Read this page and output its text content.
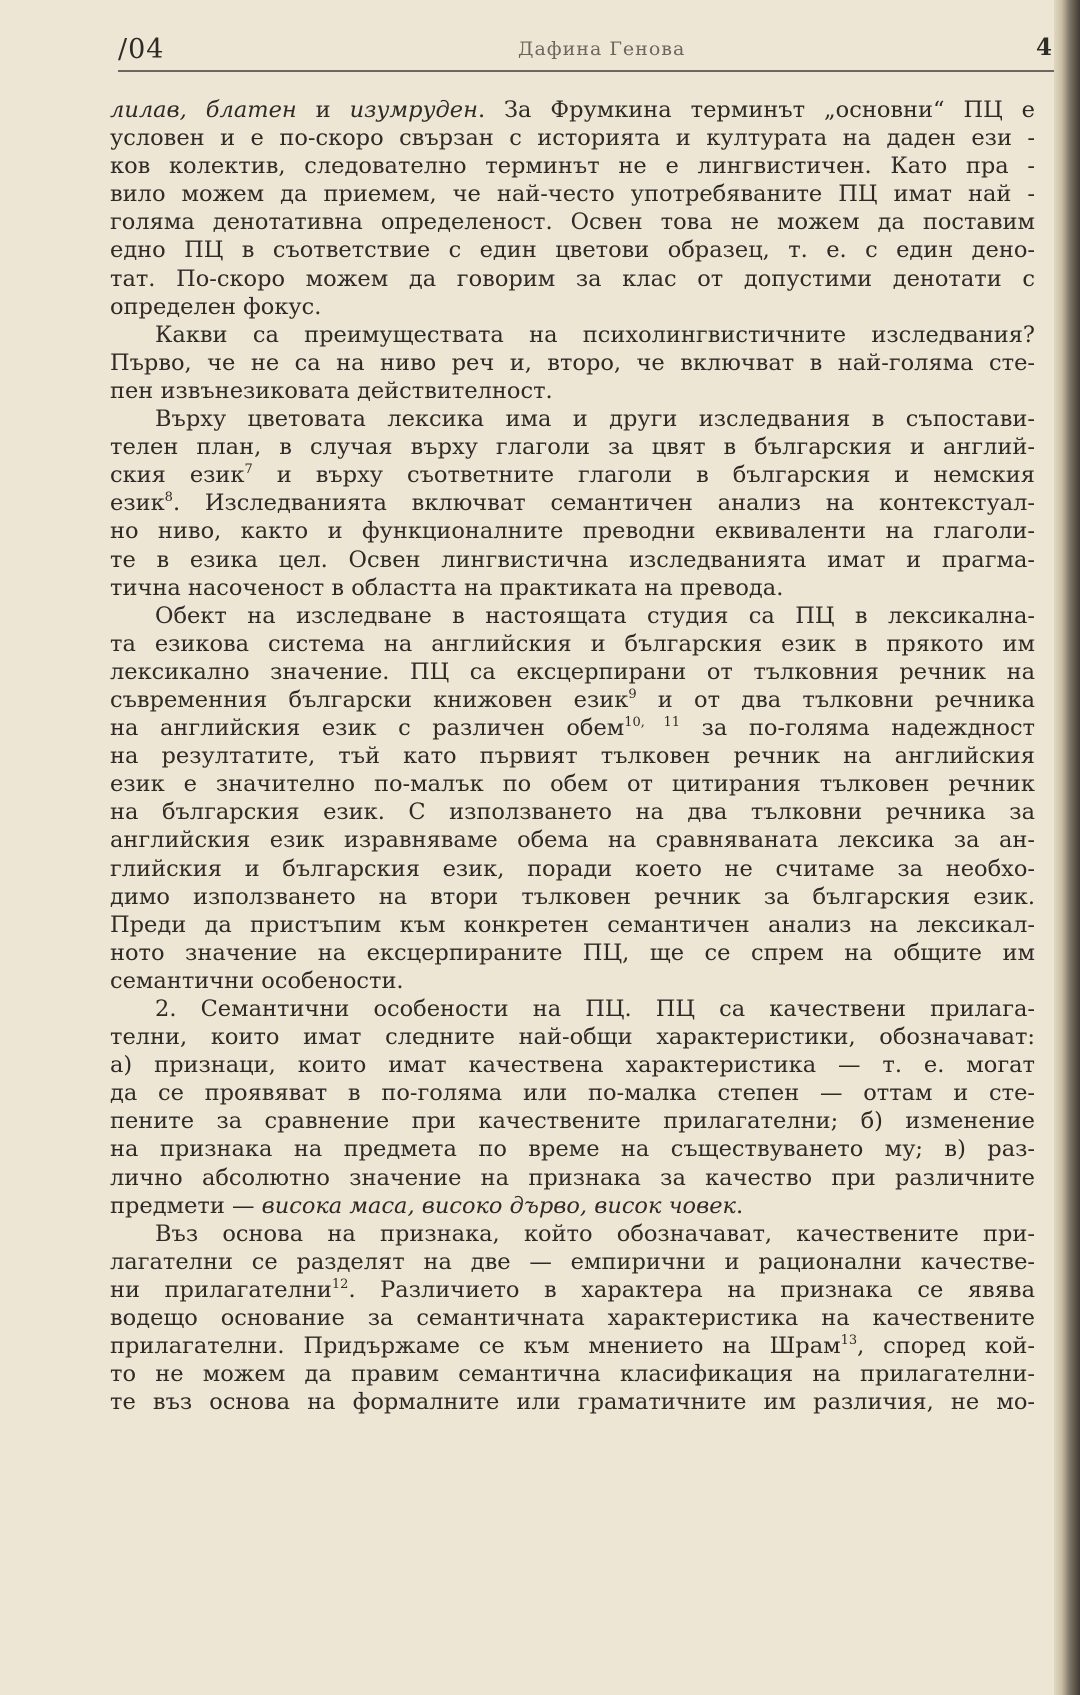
/04	Дафина Генова	4
лилав, блатен и изумруден. За Фрумкина терминът „основни“ ПЦ е
условен и е по-скоро свързан с историята и културата на даден ези -
ков колектив, следователно терминът не е лингвистичен. Като пра -
вило можем да приемем, че най-често употребяваните ПЦ имат най -
голяма денотативна определеност. Освен това не можем да поставим
едно ПЦ в съответствие с един цветови образец, т. е. с един дено-
тат. По-скоро можем да говорим за клас от допустими денотати с
определен фокус.
Какви са преимуществата на психолингвистичните изследвания?
Първо, че не са на ниво реч и, второ, че включват в най-голяма сте-
пен извънезиковата действителност.
Върху цветовата лексика има и други изследвания в съпостави-
телен план, в случая върху глаголи за цвят в българския и англий-
ския език$^7$ и върху съответните глаголи в българския и немския
език$^8$. Изследванията включват семантичен анализ на контекстуал-
но ниво, както и функционалните преводни еквиваленти на глаголи-
те в езика цел. Освен лингвистична изследванията имат и прагма-
тична насоченост в областта на практиката на превода.
Обект на изследване в настоящата студия са ПЦ в лексикална-
та езикова система на английския и българския език в прякото им
лексикално значение. ПЦ са ексцерпирани от тълковния речник на
съвременния български книжовен език$^9$ и от два тълковни речника
на английския език с различен обем$^{10, 11}$ за по-голяма надеждност
на резултатите, тъй като първият тълковен речник на английския
език е значително по-малък по обем от цитирания тълковен речник
на българския език. С използването на два тълковни речника за
английския език изравняваме обема на сравняваната лексика за ан-
глийския и българския език, поради което не считаме за необхо-
димо използването на втори тълковен речник за българския език.
Преди да пристъпим към конкретен семантичен анализ на лексикал-
ното значение на ексцерпираните ПЦ, ще се спрем на общите им
семантични особености.
2. Семантични особености на ПЦ. ПЦ са качествени прилага-
телни, които имат следните най-общи характеристики, обозначават:
а) признаци, които имат качествена характеристика — т. е. могат
да се проявяват в по-голяма или по-малка степен — оттам и сте-
пените за сравнение при качествените прилагателни; б) изменение
на признака на предмета по време на съществуването му; в) раз-
лично абсолютно значение на признака за качество при различните
предмети — висока маса, високо дърво, висок човек.
Въз основа на признака, който обозначават, качествените при-
лагателни се разделят на две — емпирични и рационални качестве-
ни прилагателни$^{12}$. Различието в характера на признака се явява
водещо основание за семантичната характеристика на качествените
прилагателни. Придържаме се към мнението на Шрам$^{13}$, според кой-
то не можем да правим семантична класификация на прилагателни-
те въз основа на формалните или граматичните им различия, не мо-
